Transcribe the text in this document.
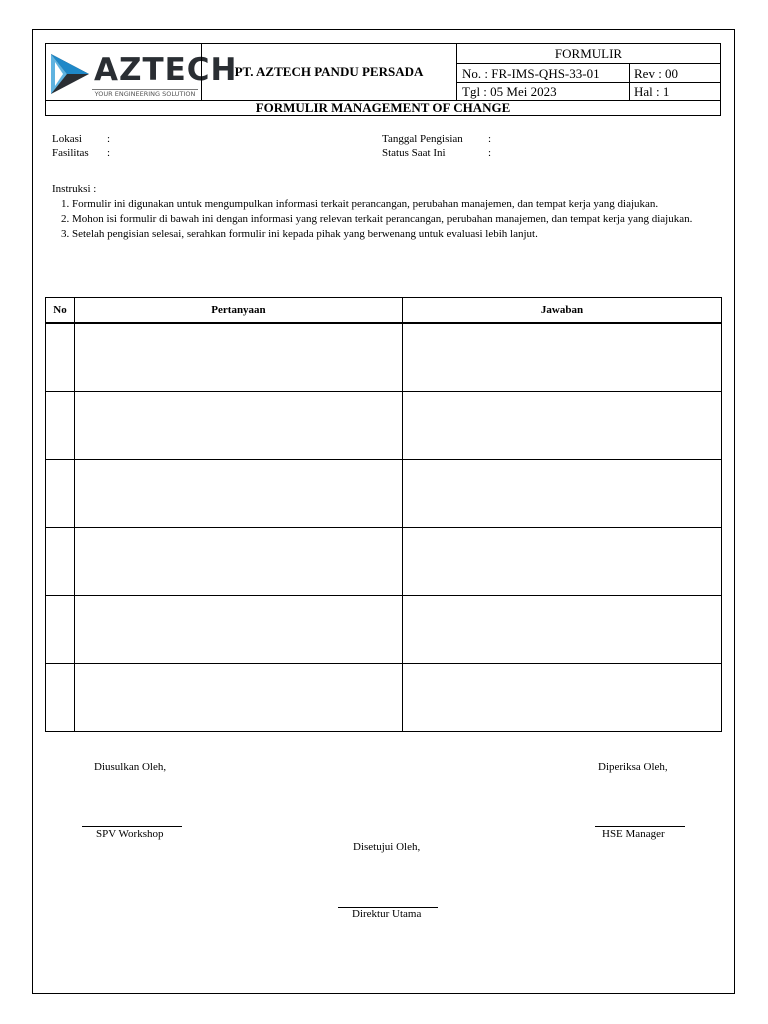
AZTECH
YOUR ENGINEERING SOLUTION
PT. AZTECH PANDU PERSADA
FORMULIR
No. : FR-IMS-QHS-33-01	Rev : 00
Tgl : 05 Mei 2023	Hal : 1
FORMULIR MANAGEMENT OF CHANGE
Lokasi :
Fasilitas :
Tanggal Pengisian :
Status Saat Ini	:
Instruksi :
1. Formulir ini digunakan untuk mengumpulkan informasi terkait perancangan, perubahan manajemen, dan tempat kerja yang diajukan.
2. Mohon isi formulir di bawah ini dengan informasi yang relevan terkait perancangan, perubahan manajemen, dan tempat kerja yang diajukan.
3. Setelah pengisian selesai, serahkan formulir ini kepada pihak yang berwenang untuk evaluasi lebih lanjut.
No	Pertanyaan	Jawaban

Diusulkan Oleh,
SPV Workshop
Diperiksa Oleh,
HSE Manager
Disetujui Oleh,
Direktur Utama
